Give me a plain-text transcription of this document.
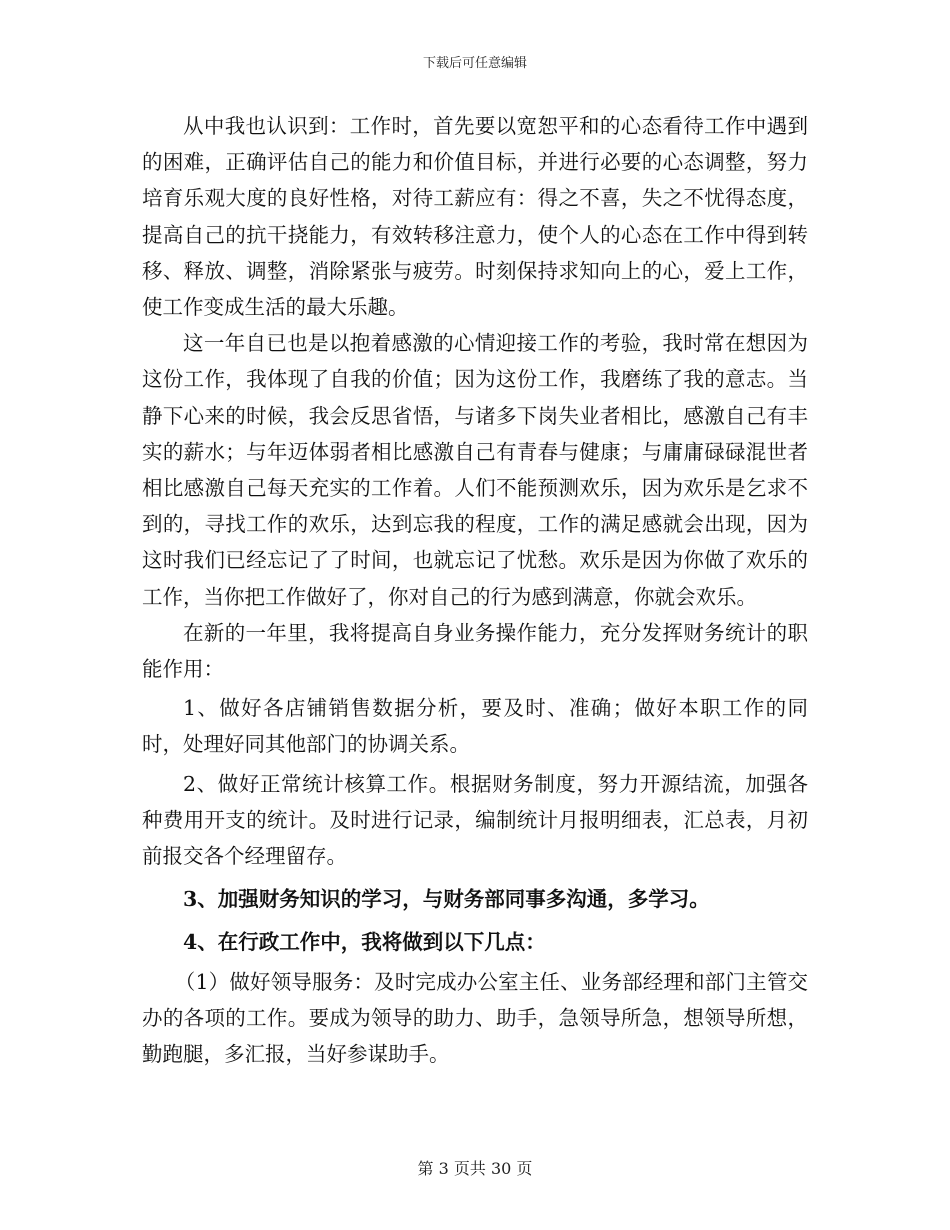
下载后可任意编辑

从中我也认识到：工作时，首先要以宽恕平和的心态看待工作中遇到的困难，正确评估自己的能力和价值目标，并进行必要的心态调整，努力培育乐观大度的良好性格，对待工薪应有：得之不喜，失之不忧得态度，提高自己的抗干挠能力，有效转移注意力，使个人的心态在工作中得到转移、释放、调整，消除紧张与疲劳。时刻保持求知向上的心，爱上工作，使工作变成生活的最大乐趣。

这一年自已也是以抱着感激的心情迎接工作的考验，我时常在想因为这份工作，我体现了自我的价值；因为这份工作，我磨练了我的意志。当静下心来的时候，我会反思省悟，与诸多下岗失业者相比，感激自己有丰实的薪水；与年迈体弱者相比感激自己有青春与健康；与庸庸碌碌混世者相比感激自己每天充实的工作着。人们不能预测欢乐，因为欢乐是乞求不到的，寻找工作的欢乐，达到忘我的程度，工作的满足感就会出现，因为这时我们已经忘记了了时间，也就忘记了忧愁。欢乐是因为你做了欢乐的工作，当你把工作做好了，你对自己的行为感到满意，你就会欢乐。

在新的一年里，我将提高自身业务操作能力，充分发挥财务统计的职能作用：

1、做好各店铺销售数据分析，要及时、准确；做好本职工作的同时，处理好同其他部门的协调关系。

2、做好正常统计核算工作。根据财务制度，努力开源结流，加强各种费用开支的统计。及时进行记录，编制统计月报明细表，汇总表，月初前报交各个经理留存。

3、加强财务知识的学习，与财务部同事多沟通，多学习。

4、在行政工作中，我将做到以下几点：

（1）做好领导服务：及时完成办公室主任、业务部经理和部门主管交办的各项的工作。要成为领导的助力、助手，急领导所急，想领导所想，勤跑腿，多汇报，当好参谋助手。

第 3 页共 30 页
